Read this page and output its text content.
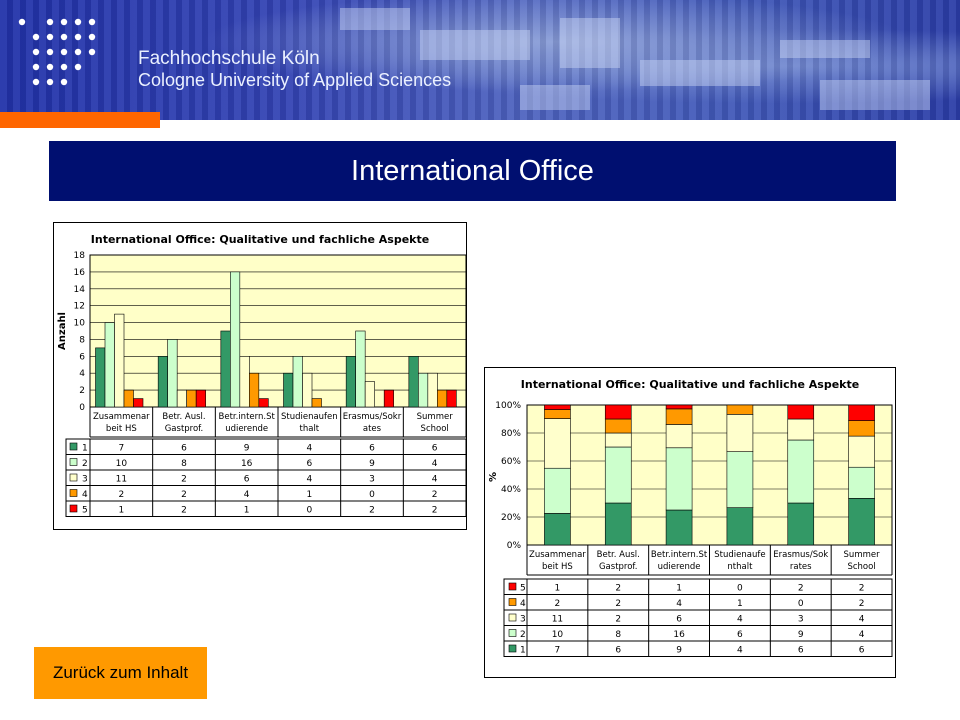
Fachhochschule Köln
Cologne University of Applied Sciences
International Office
International Office: Qualitative und fachliche Aspekte
0
2
4
6
8
10
12
14
16
18
Anzahl
Zusammenar
beit HS
Betr. Ausl.
Gastprof.
Betr.intern.St
udierende
Studienaufen
thalt
Erasmus/Sokr
ates
Summer
School
1	7	6	9	4	6	6
2	10	8	16	6	9	4
3	11	2	6	4	3	4
4	2	2	4	1	0	2
5	1	2	1	0	2	2
International Office: Qualitative und fachliche Aspekte
0%
20%
40%
60%
80%
100%
%
Zusammenar
beit HS
Betr. Ausl.
Gastprof.
Betr.intern.St
udierende
Studienaufe
nthalt
Erasmus/Sok
rates
Summer
School
5	1	2	1	0	2	2
4	2	2	4	1	0	2
3	11	2	6	4	3	4
2	10	8	16	6	9	4
1	7	6	9	4	6	6
Zurück zum Inhalt
